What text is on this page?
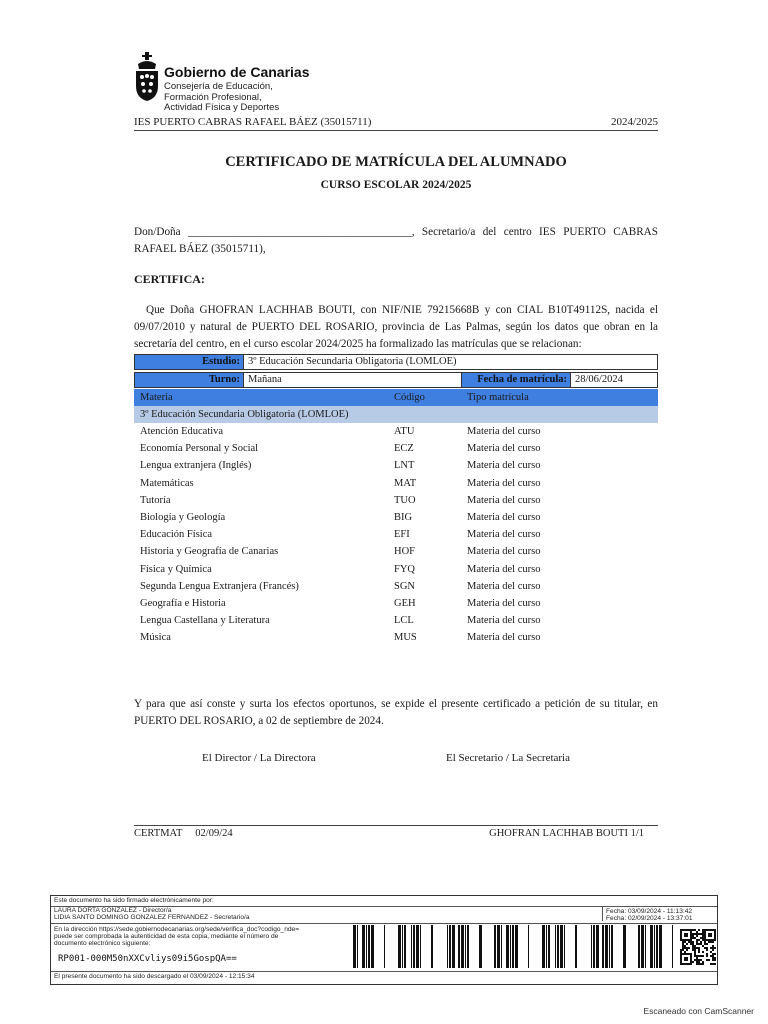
Gobierno de Canarias
Consejería de Educación,
Formación Profesional,
Actividad Física y Deportes
IES PUERTO CABRAS RAFAEL BÁEZ (35015711)	2024/2025
CERTIFICADO DE MATRÍCULA DEL ALUMNADO
CURSO ESCOLAR 2024/2025
Don/Doña ________________________________________, Secretario/a del centro IES PUERTO CABRAS RAFAEL BÁEZ (35015711),
CERTIFICA:
Que Doña GHOFRAN LACHHAB BOUTI, con NIF/NIE 79215668B y con CIAL B10T49112S, nacida el 09/07/2010 y natural de PUERTO DEL ROSARIO, provincia de Las Palmas, según los datos que obran en la secretaría del centro, en el curso escolar 2024/2025 ha formalizado las matrículas que se relacionan:
Estudio: 3º Educación Secundaria Obligatoria (LOMLOE)
Turno: Mañana	Fecha de matrícula: 28/06/2024
Materia	Código	Tipo matrícula
3º Educación Secundaria Obligatoria (LOMLOE)
Atención Educativa	ATU	Materia del curso
Economía Personal y Social	ECZ	Materia del curso
Lengua extranjera (Inglés)	LNT	Materia del curso
Matemáticas	MAT	Materia del curso
Tutoría	TUO	Materia del curso
Biología y Geología	BIG	Materia del curso
Educación Física	EFI	Materia del curso
Historia y Geografía de Canarias	HOF	Materia del curso
Física y Química	FYQ	Materia del curso
Segunda Lengua Extranjera (Francés)	SGN	Materia del curso
Geografía e Historia	GEH	Materia del curso
Lengua Castellana y Literatura	LCL	Materia del curso
Música	MUS	Materia del curso
Y para que así conste y surta los efectos oportunos, se expide el presente certificado a petición de su titular, en PUERTO DEL ROSARIO, a 02 de septiembre de 2024.
El Director / La Directora	El Secretario / La Secretaria
CERTMAT     02/09/24	GHOFRAN LACHHAB BOUTI 1/1
Este documento ha sido firmado electrónicamente por:
LAURA DORTA GONZALEZ - Director/a
LIDIA SANTO DOMINGO GONZALEZ FERNANDEZ - Secretario/a
Fecha: 03/09/2024 - 11:13:42
Fecha: 02/09/2024 - 13:37:01
En la dirección https://sede.gobiernodecanarias.org/sede/verifica_doc?codigo_nde=
puede ser comprobada la autenticidad de esta copia, mediante el número de
documento electrónico siguiente:
RP001-000M50nXXCvliys09i5GospQA==
El presente documento ha sido descargado el 03/09/2024 - 12:15:34
Escaneado con CamScanner
